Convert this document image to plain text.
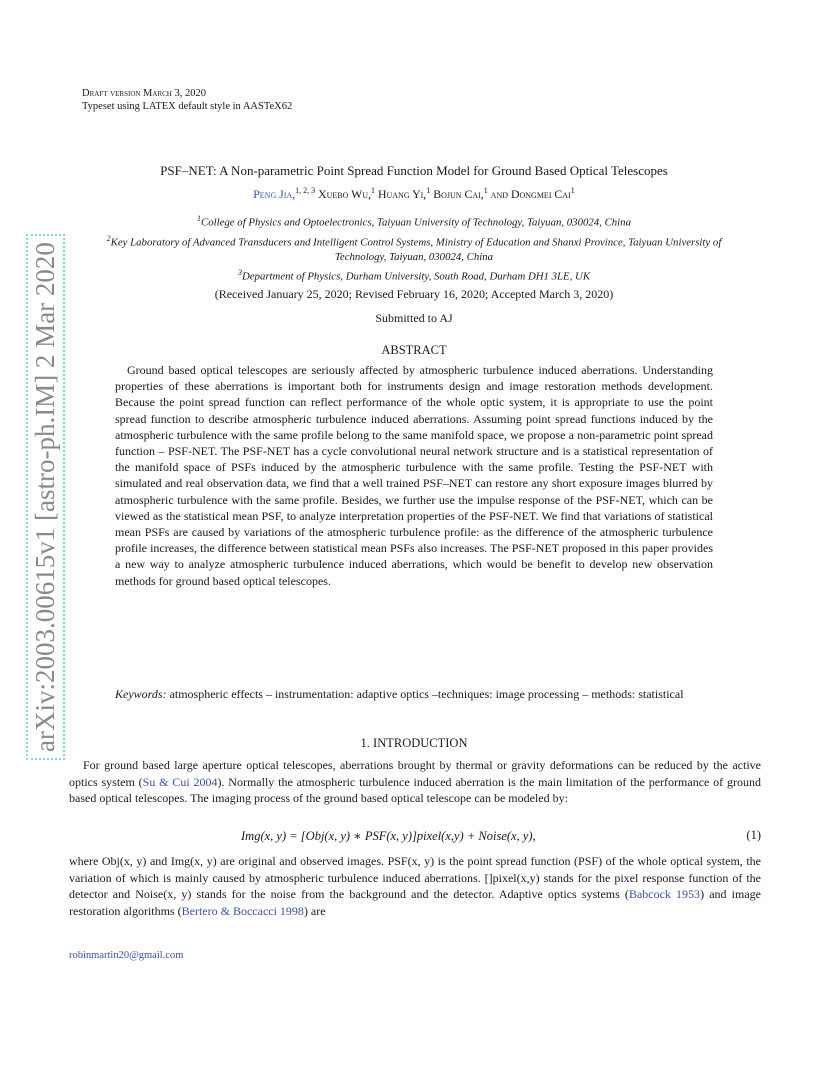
Draft version March 3, 2020
Typeset using LATEX default style in AASTeX62
PSF–NET: A Non-parametric Point Spread Function Model for Ground Based Optical Telescopes
Peng Jia,$^{1, 2, 3}$ Xuebo Wu,$^1$ Huang Yi,$^1$ Bojun Cai,$^1$ and Dongmei Cai$^1$
$^1$College of Physics and Optoelectronics, Taiyuan University of Technology, Taiyuan, 030024, China
$^2$Key Laboratory of Advanced Transducers and Intelligent Control Systems, Ministry of Education and Shanxi Province, Taiyuan University of Technology, Taiyuan, 030024, China
$^3$Department of Physics, Durham University, South Road, Durham DH1 3LE, UK
(Received January 25, 2020; Revised February 16, 2020; Accepted March 3, 2020)
Submitted to AJ
ABSTRACT
Ground based optical telescopes are seriously affected by atmospheric turbulence induced aberrations. Understanding properties of these aberrations is important both for instruments design and image restoration methods development. Because the point spread function can reflect performance of the whole optic system, it is appropriate to use the point spread function to describe atmospheric turbulence induced aberrations. Assuming point spread functions induced by the atmospheric turbulence with the same profile belong to the same manifold space, we propose a non-parametric point spread function – PSF-NET. The PSF-NET has a cycle convolutional neural network structure and is a statistical representation of the manifold space of PSFs induced by the atmospheric turbulence with the same profile. Testing the PSF-NET with simulated and real observation data, we find that a well trained PSF–NET can restore any short exposure images blurred by atmospheric turbulence with the same profile. Besides, we further use the impulse response of the PSF-NET, which can be viewed as the statistical mean PSF, to analyze interpretation properties of the PSF-NET. We find that variations of statistical mean PSFs are caused by variations of the atmospheric turbulence profile: as the difference of the atmospheric turbulence profile increases, the difference between statistical mean PSFs also increases. The PSF-NET proposed in this paper provides a new way to analyze atmospheric turbulence induced aberrations, which would be benefit to develop new observation methods for ground based optical telescopes.
Keywords: atmospheric effects – instrumentation: adaptive optics –techniques: image processing – methods: statistical
1. INTRODUCTION
For ground based large aperture optical telescopes, aberrations brought by thermal or gravity deformations can be reduced by the active optics system (Su & Cui 2004). Normally the atmospheric turbulence induced aberration is the main limitation of the performance of ground based optical telescopes. The imaging process of the ground based optical telescope can be modeled by:
Img(x, y) = [Obj(x, y) ∗ PSF(x, y)]pixel(x,y) + Noise(x, y),	(1)
where Obj(x, y) and Img(x, y) are original and observed images. PSF(x, y) is the point spread function (PSF) of the whole optical system, the variation of which is mainly caused by atmospheric turbulence induced aberrations. []pixel(x,y) stands for the pixel response function of the detector and Noise(x, y) stands for the noise from the background and the detector. Adaptive optics systems (Babcock 1953) and image restoration algorithms (Bertero & Boccacci 1998) are
robinmartin20@gmail.com
arXiv:2003.00615v1 [astro-ph.IM] 2 Mar 2020
